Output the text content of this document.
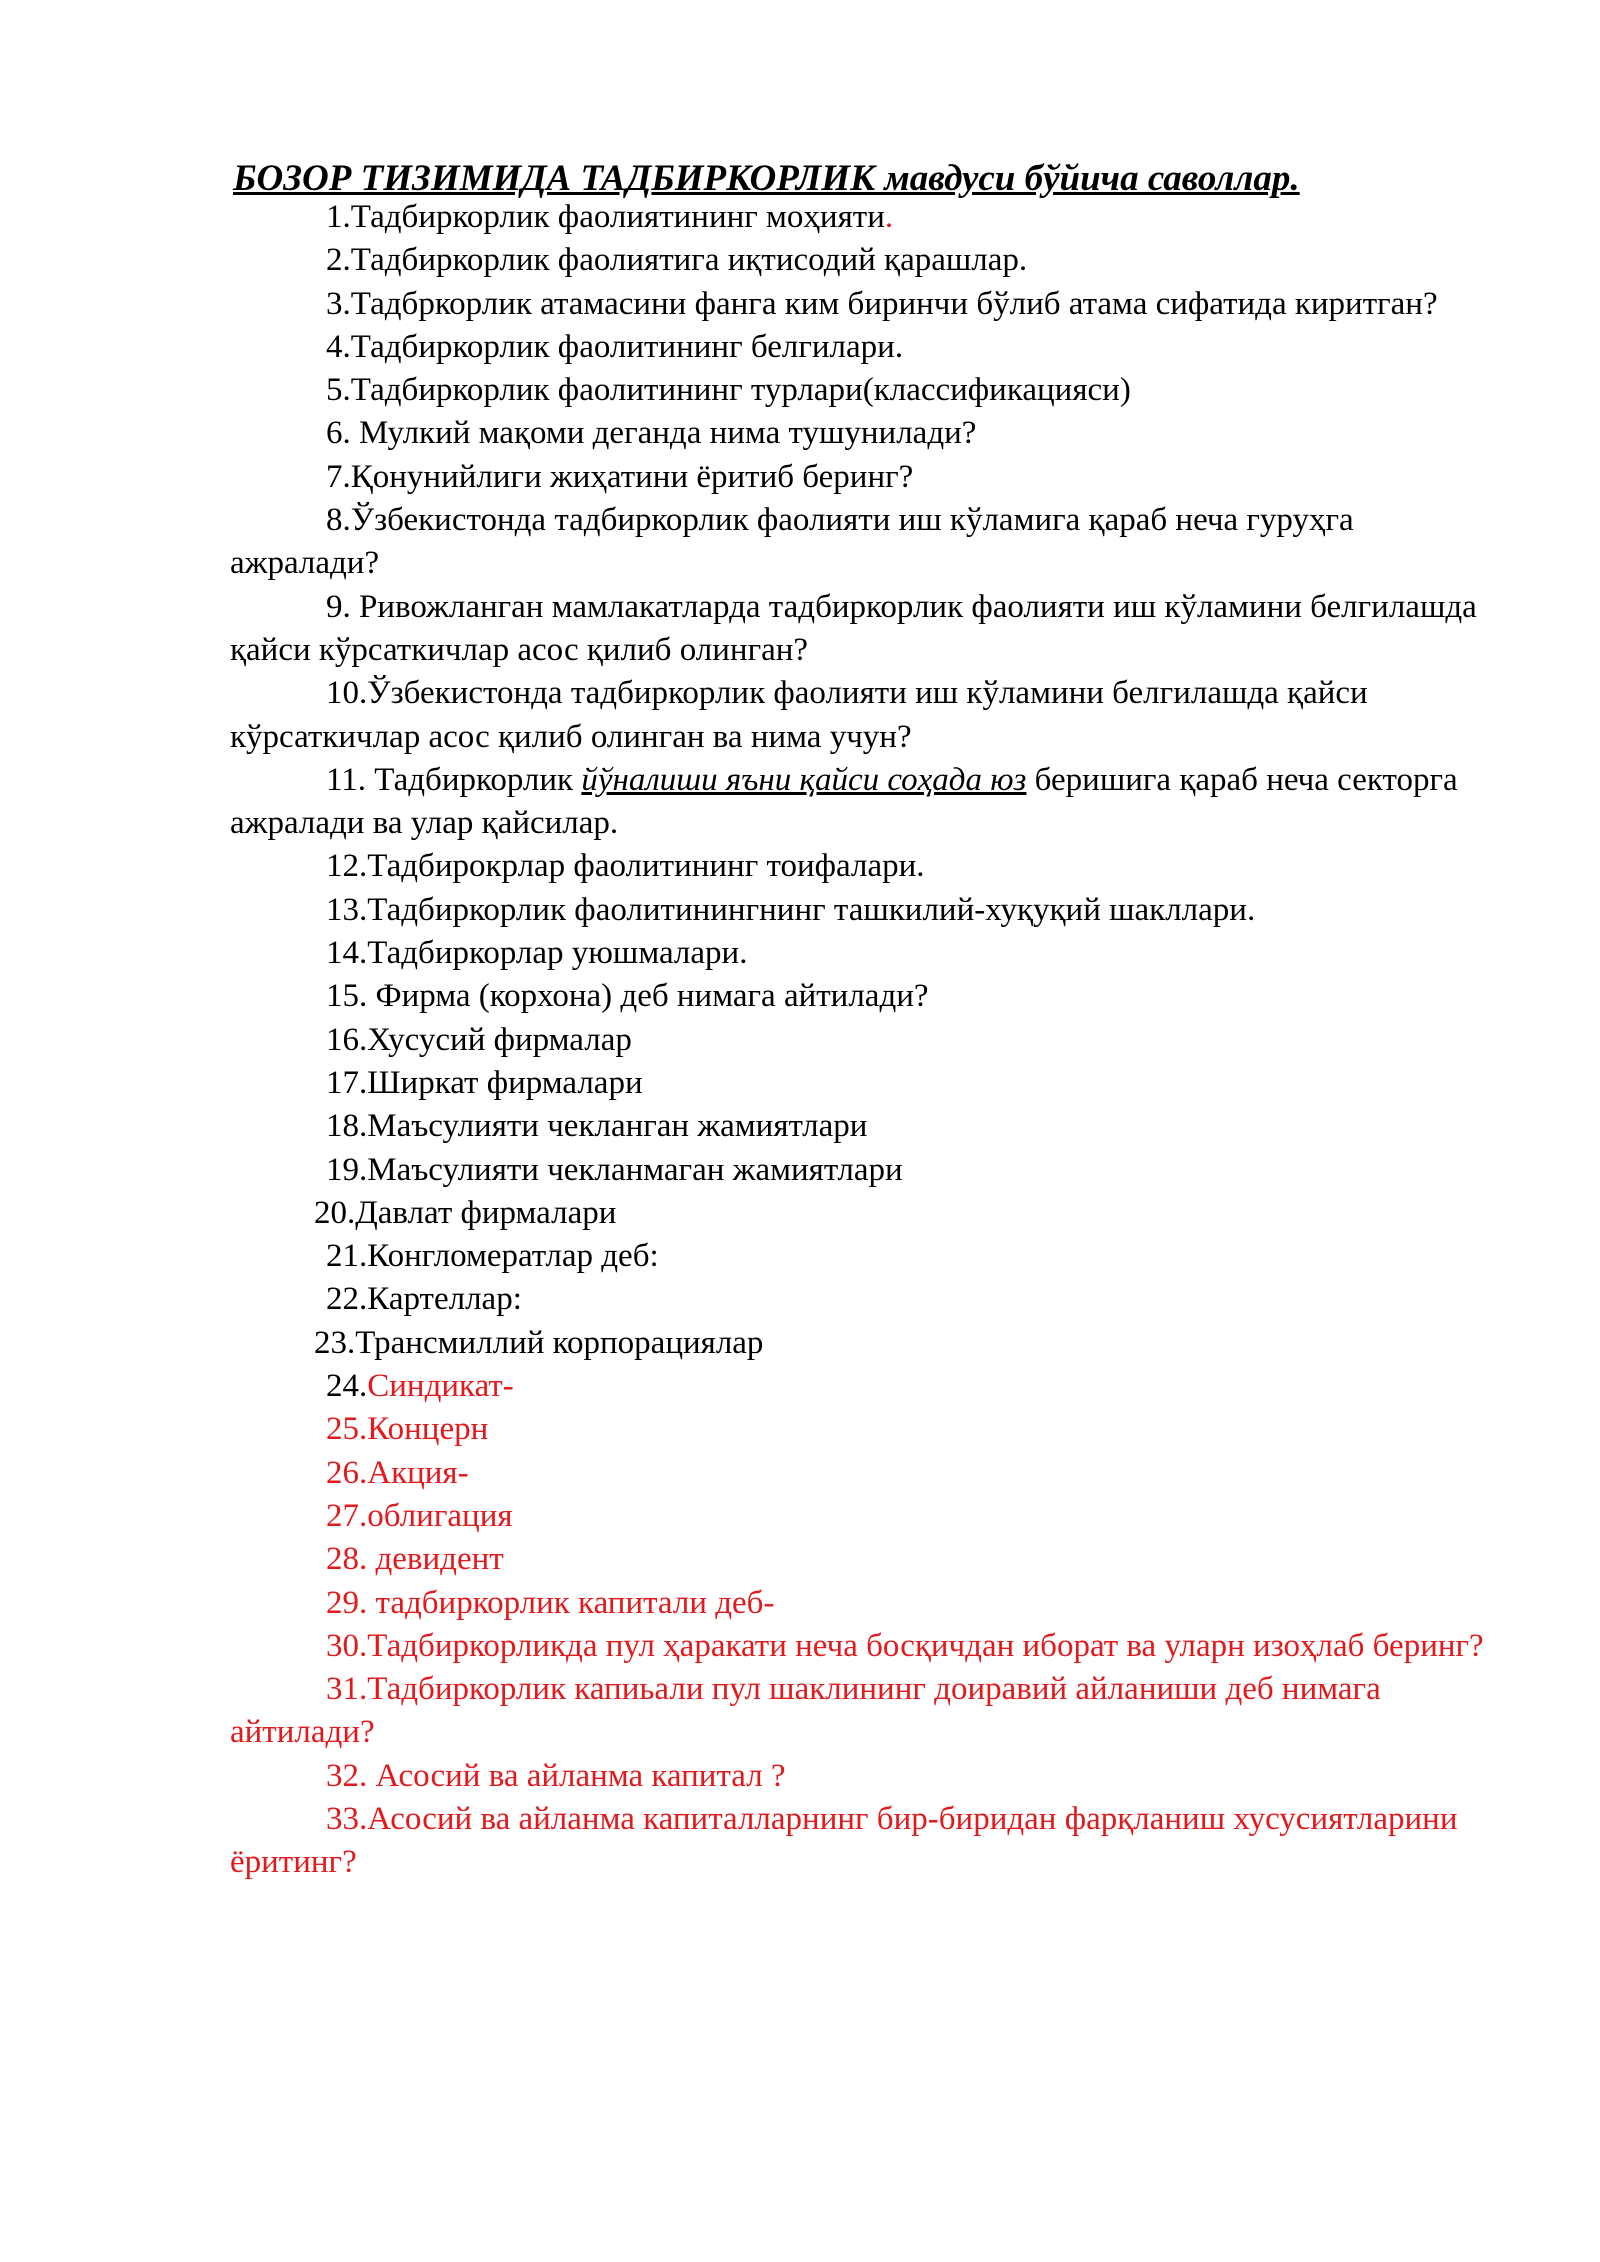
БОЗОР ТИЗИМИДА ТАДБИРКОРЛИК мавдуси бўйича саволлар.

1.Тадбиркорлик фаолиятининг моҳияти.

2.Тадбиркорлик фаолиятига иқтисодий қарашлар.

3.Тадбркорлик атамасини фанга ким биринчи бўлиб атама сифатида киритган?

4.Тадбиркорлик фаолитининг белгилари.

5.Тадбиркорлик фаолитининг турлари(классификацияси)

6. Мулкий мақоми деганда нима тушунилади?

7.Қонунийлиги жиҳатини ёритиб беринг?

8.Ўзбекистонда тадбиркорлик фаолияти иш кўламига қараб неча гуруҳга ажралади?

9. Ривожланган мамлакатларда тадбиркорлик фаолияти иш кўламини белгилашда қайси кўрсаткичлар асос қилиб олинган?

10.Ўзбекистонда тадбиркорлик фаолияти иш кўламини белгилашда қайси кўрсаткичлар асос қилиб олинган ва нима учун?

11. Тадбиркорлик йўналиши яъни қайси соҳада юз беришига қараб неча секторга ажралади ва улар қайсилар.

12.Тадбирокрлар фаолитининг тоифалари.

13.Тадбиркорлик фаолитинингнинг ташкилий-хуқуқий шакллари.

14.Тадбиркорлар уюшмалари.

15. Фирма (корхона) деб нимага айтилади?

16.Хусусий фирмалар

17.Ширкат фирмалари

18.Маъсулияти чекланган жамиятлари

19.Маъсулияти чекланмаган жамиятлари

20.Давлат фирмалари

21.Конгломератлар деб:

22.Картеллар:

23.Трансмиллий корпорациялар

24.Синдикат-

25.Концерн

26.Акция-

27.облигация

28. девидент

29. тадбиркорлик капитали деб-

30.Тадбиркорликда пул ҳаракати неча босқичдан иборат ва уларн изоҳлаб беринг?

31.Тадбиркорлик капиьали пул шаклининг доиравий айланиши деб нимага айтилади?

32. Асосий ва айланма капитал ?

33.Асосий ва айланма капиталларнинг бир-биридан фарқланиш хусусиятларини ёритинг?
